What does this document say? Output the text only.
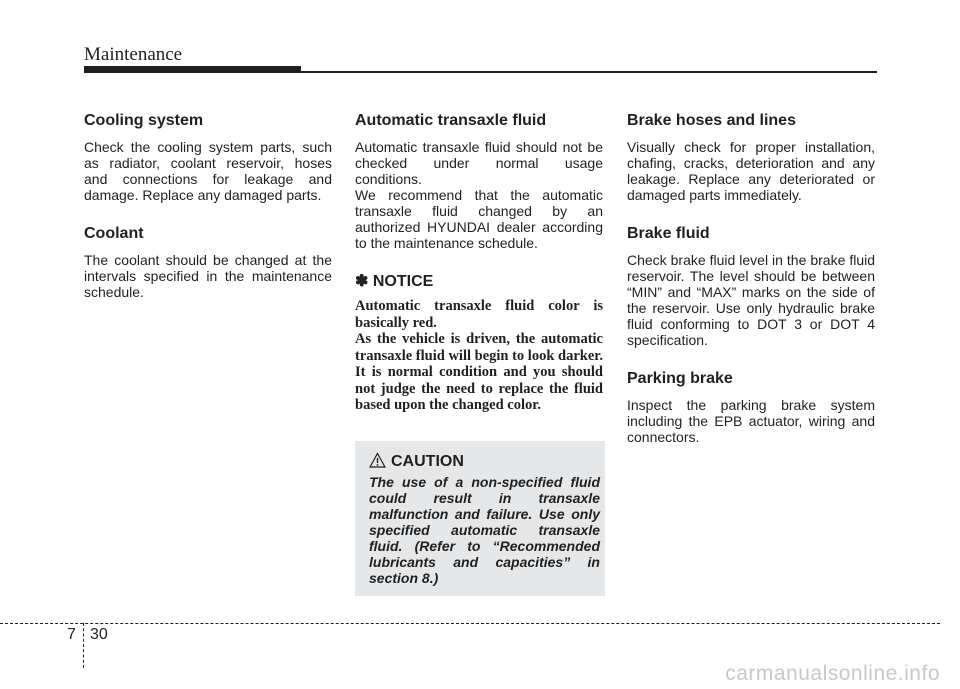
Maintenance
Cooling system

Check the cooling system parts, such as radiator, coolant reservoir, hoses and connections for leakage and damage. Replace any damaged parts.

Coolant

The coolant should be changed at the intervals specified in the maintenance schedule.

Automatic transaxle fluid

Automatic transaxle fluid should not be checked under normal usage conditions.

We recommend that the automatic transaxle fluid changed by an authorized HYUNDAI dealer according to the maintenance schedule.

✽ NOTICE

Automatic transaxle fluid color is basically red.

As the vehicle is driven, the automatic transaxle fluid will begin to look darker.

It is normal condition and you should not judge the need to replace the fluid based upon the changed color.

CAUTION

The use of a non-specified fluid could result in transaxle malfunction and failure. Use only specified automatic transaxle fluid. (Refer to “Recommended lubricants and capacities” in section 8.)

Brake hoses and lines

Visually check for proper installation, chafing, cracks, deterioration and any leakage. Replace any deteriorated or damaged parts immediately.

Brake fluid

Check brake fluid level in the brake fluid reservoir. The level should be between “MIN” and “MAX” marks on the side of the reservoir. Use only hydraulic brake fluid conforming to DOT 3 or DOT 4 specification.

Parking brake

Inspect the parking brake system including the EPB actuator, wiring and connectors.

7 30
carmanualsonline.info
